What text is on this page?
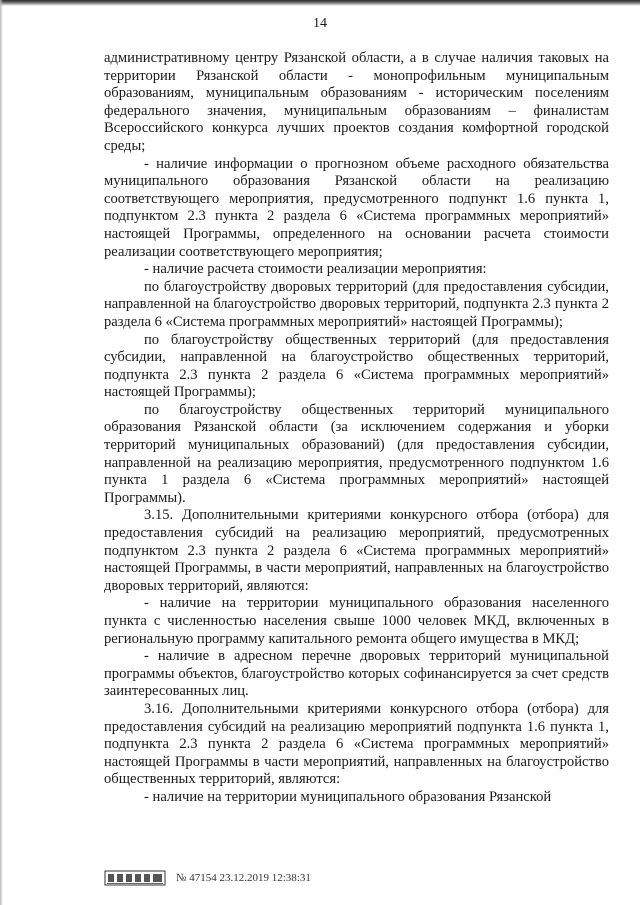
14

административному центру Рязанской области, а в случае наличия таковых на территории Рязанской области - монопрофильным муниципальным образованиям, муниципальным образованиям - историческим поселениям федерального значения, муниципальным образованиям – финалистам Всероссийского конкурса лучших проектов создания комфортной городской среды;

- наличие информации о прогнозном объеме расходного обязательства муниципального образования Рязанской области на реализацию соответствующего мероприятия, предусмотренного подпункт 1.6 пункта 1, подпунктом 2.3 пункта 2 раздела 6 «Система программных мероприятий» настоящей Программы, определенного на основании расчета стоимости реализации соответствующего мероприятия;

- наличие расчета стоимости реализации мероприятия:

по благоустройству дворовых территорий (для предоставления субсидии, направленной на благоустройство дворовых территорий, подпункта 2.3 пункта 2 раздела 6 «Система программных мероприятий» настоящей Программы);

по благоустройству общественных территорий (для предоставления субсидии, направленной на благоустройство общественных территорий, подпункта 2.3 пункта 2 раздела 6 «Система программных мероприятий» настоящей Программы);

по благоустройству общественных территорий муниципального образования Рязанской области (за исключением содержания и уборки территорий муниципальных образований) (для предоставления субсидии, направленной на реализацию мероприятия, предусмотренного подпунктом 1.6 пункта 1 раздела 6 «Система программных мероприятий» настоящей Программы).

3.15. Дополнительными критериями конкурсного отбора (отбора) для предоставления субсидий на реализацию мероприятий, предусмотренных подпунктом 2.3 пункта 2 раздела 6 «Система программных мероприятий» настоящей Программы, в части мероприятий, направленных на благоустройство дворовых территорий, являются:

- наличие на территории муниципального образования населенного пункта с численностью населения свыше 1000 человек МКД, включенных в региональную программу капитального ремонта общего имущества в МКД;

- наличие в адресном перечне дворовых территорий муниципальной программы объектов, благоустройство которых софинансируется за счет средств заинтересованных лиц.

3.16. Дополнительными критериями конкурсного отбора (отбора) для предоставления субсидий на реализацию мероприятий подпункта 1.6 пункта 1, подпункта 2.3 пункта 2 раздела 6 «Система программных мероприятий» настоящей Программы в части мероприятий, направленных на благоустройство общественных территорий, являются:

- наличие на территории муниципального образования Рязанской

№ 47154 23.12.2019 12:38:31
